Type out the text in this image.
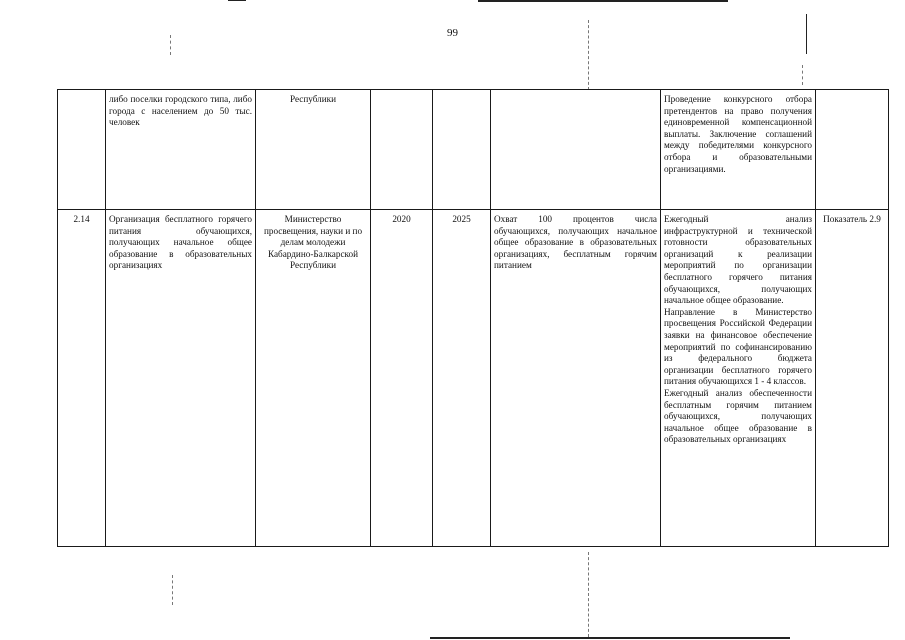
99
	либо поселки городского типа, либо города с населением до 50 тыс. человек	Республики				Проведение конкурсного отбора претендентов на право получения единовременной компенсационной выплаты. Заключение соглашений между победителями конкурсного отбора и образовательными организациями.	
2.14	Организация бесплатного горячего питания обучающихся, получающих начальное общее образование в образовательных организациях	Министерство просвещения, науки и по делам молодежи Кабардино-Балкарской Республики	2020	2025	Охват 100 процентов числа обучающихся, получающих начальное общее образование в образовательных организациях, бесплатным горячим питанием	Ежегодный анализ инфраструктурной и технической готовности образовательных организаций к реализации мероприятий по организации бесплатного горячего питания обучающихся, получающих начальное общее образование.
Направление в Министерство просвещения Российской Федерации заявки на финансовое обеспечение мероприятий по софинансированию из федерального бюджета организации бесплатного горячего питания обучающихся 1 - 4 классов.
Ежегодный анализ обеспеченности бесплатным горячим питанием обучающихся, получающих начальное общее образование в образовательных организациях	Показатель 2.9
